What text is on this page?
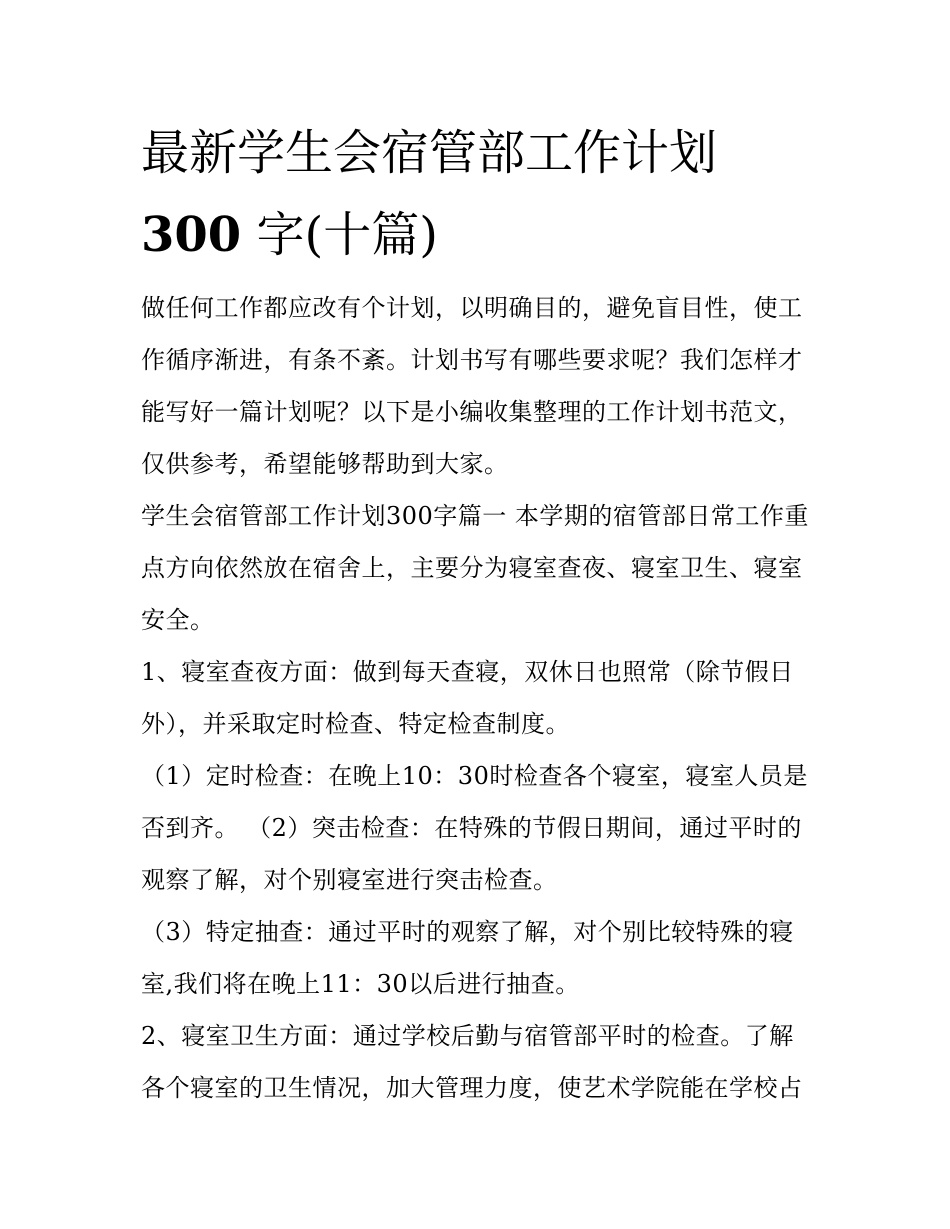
最新学生会宿管部工作计划
300 字(十篇)

做任何工作都应改有个计划，以明确目的，避免盲目性，使工作循序渐进，有条不紊。计划书写有哪些要求呢？我们怎样才能写好一篇计划呢？以下是小编收集整理的工作计划书范文，仅供参考，希望能够帮助到大家。

学生会宿管部工作计划300字篇一 本学期的宿管部日常工作重点方向依然放在宿舍上，主要分为寝室查夜、寝室卫生、寝室安全。

1、寝室查夜方面：做到每天查寝，双休日也照常（除节假日外），并采取定时检查、特定检查制度。

（1）定时检查：在晚上10：30时检查各个寝室，寝室人员是否到齐。 （2）突击检查：在特殊的节假日期间，通过平时的观察了解，对个别寝室进行突击检查。

（3）特定抽查：通过平时的观察了解，对个别比较特殊的寝室,我们将在晚上11：30以后进行抽查。

2、寝室卫生方面：通过学校后勤与宿管部平时的检查。了解各个寝室的卫生情况，加大管理力度，使艺术学院能在学校占
